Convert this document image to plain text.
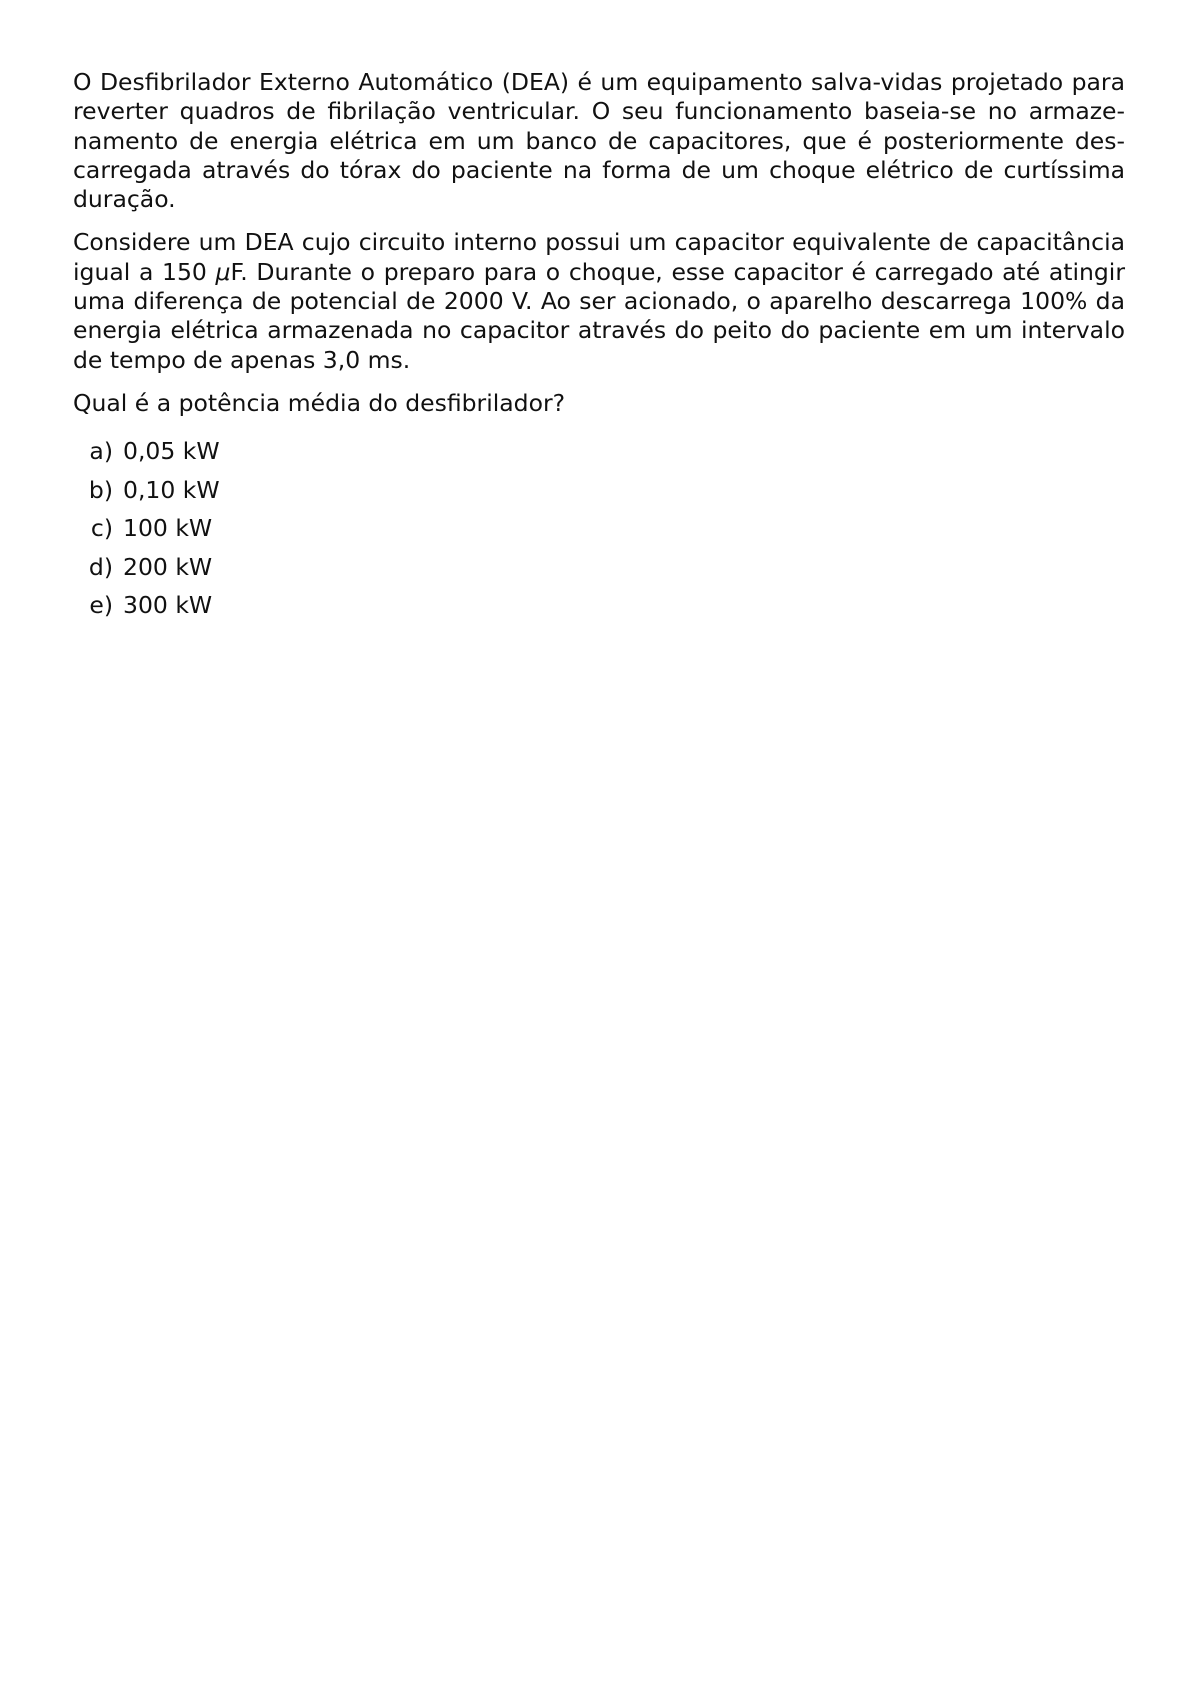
O Desfibrilador Externo Automático (DEA) é um equipamento salva-vidas projetado para reverter quadros de fibrilação ventricular. O seu funcionamento baseia-se no armazenamento de energia elétrica em um banco de capacitores, que é posteriormente descarregada através do tórax do paciente na forma de um choque elétrico de curtíssima duração.

Considere um DEA cujo circuito interno possui um capacitor equivalente de capacitância igual a 150 μF. Durante o preparo para o choque, esse capacitor é carregado até atingir uma diferença de potencial de 2000 V. Ao ser acionado, o aparelho descarrega 100% da energia elétrica armazenada no capacitor através do peito do paciente em um intervalo de tempo de apenas 3,0 ms.

Qual é a potência média do desfibrilador?

a) 0,05 kW
b) 0,10 kW
c) 100 kW
d) 200 kW
e) 300 kW
